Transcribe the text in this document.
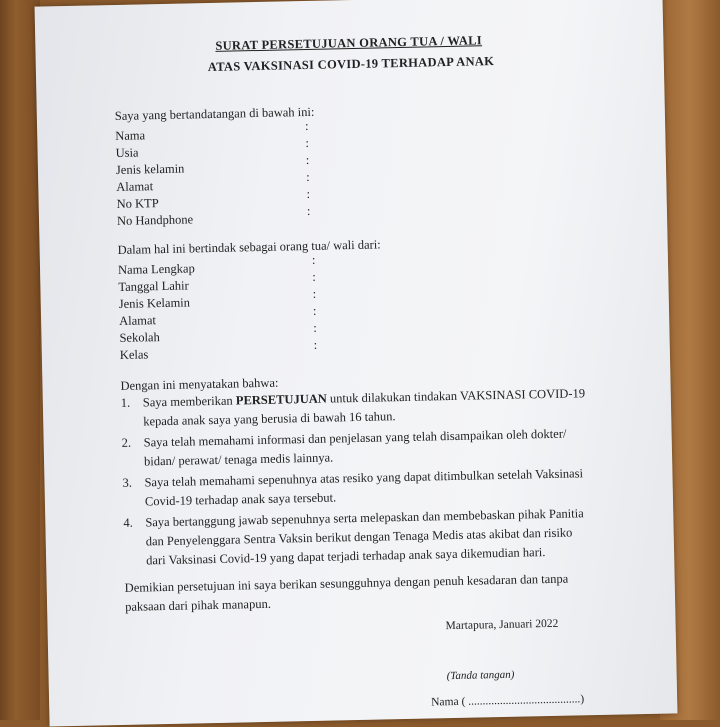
SURAT PERSETUJUAN ORANG TUA / WALI
ATAS VAKSINASI COVID-19 TERHADAP ANAK
Saya yang bertandatangan di bawah ini:
Nama
Usia
Jenis kelamin
Alamat
No KTP
No Handphone
:
:
:
:
:
:
Dalam hal ini bertindak sebagai orang tua/ wali dari:
Nama Lengkap
Tanggal Lahir
Jenis Kelamin
Alamat
Sekolah
Kelas
:
:
:
:
:
:
Dengan ini menyatakan bahwa:
1. Saya memberikan PERSETUJUAN untuk dilakukan tindakan VAKSINASI COVID-19
kepada anak saya yang berusia di bawah 16 tahun.
2. Saya telah memahami informasi dan penjelasan yang telah disampaikan oleh dokter/
bidan/ perawat/ tenaga medis lainnya.
3. Saya telah memahami sepenuhnya atas resiko yang dapat ditimbulkan setelah Vaksinasi
Covid-19 terhadap anak saya tersebut.
4. Saya bertanggung jawab sepenuhnya serta melepaskan dan membebaskan pihak Panitia
dan Penyelenggara Sentra Vaksin berikut dengan Tenaga Medis atas akibat dan risiko
dari Vaksinasi Covid-19 yang dapat terjadi terhadap anak saya dikemudian hari.
Demikian persetujuan ini saya berikan sesungguhnya dengan penuh kesadaran dan tanpa
paksaan dari pihak manapun.
Martapura, Januari 2022
(Tanda tangan)
Nama ( .......................................)
